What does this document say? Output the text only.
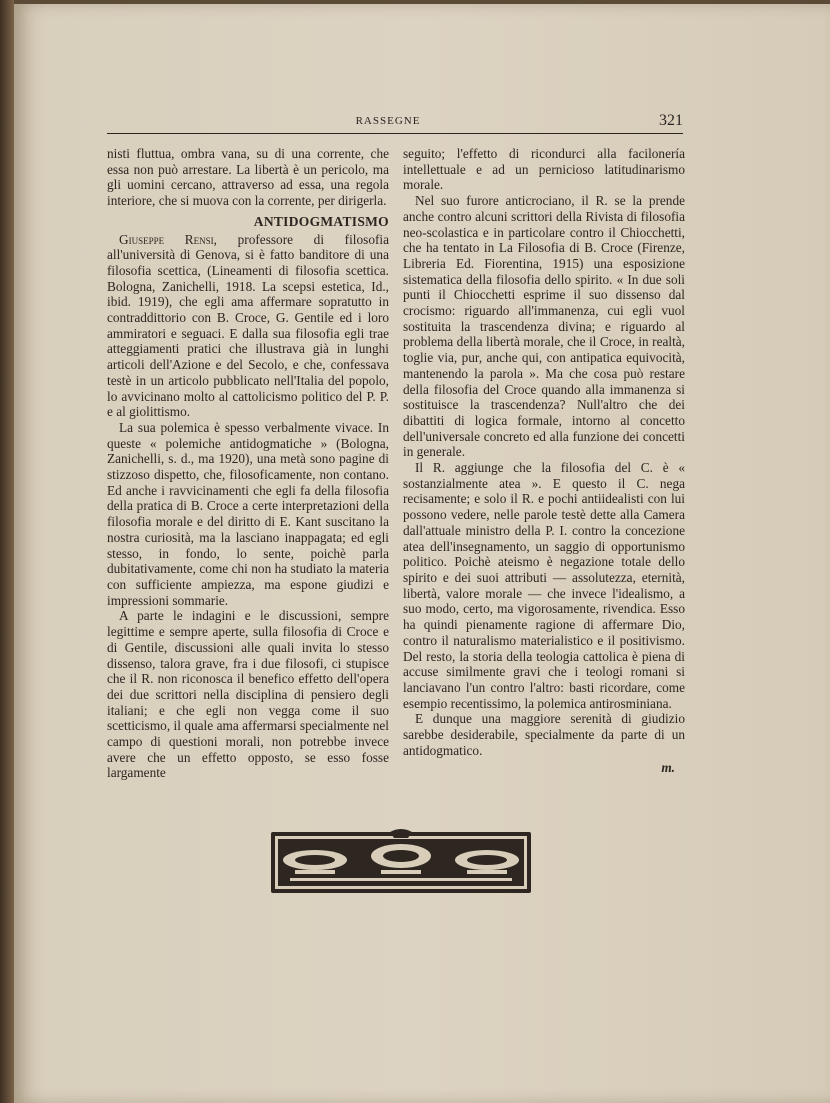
RASSEGNE	321

nisti fluttua, ombra vana, su di una corrente, che essa non può arrestare. La libertà è un pericolo, ma gli uomini cercano, attraverso ad essa, una regola interiore, che si muova con la corrente, per dirigerla.

ANTIDOGMATISMO

Giuseppe Rensi, professore di filosofia all'università di Genova, si è fatto banditore di una filosofia scettica, (Lineamenti di filosofia scettica. Bologna, Zanichelli, 1918. La scepsi estetica, Id., ibid. 1919), che egli ama affermare sopratutto in contraddittorio con B. Croce, G. Gentile ed i loro ammiratori e seguaci. E dalla sua filosofia egli trae atteggiamenti pratici che illustrava già in lunghi articoli dell'Azione e del Secolo, e che, confessava testè in un articolo pubblicato nell'Italia del popolo, lo avvicinano molto al cattolicismo politico del P. P. e al giolittismo.

La sua polemica è spesso verbalmente vivace. In queste « polemiche antidogmatiche » (Bologna, Zanichelli, s. d., ma 1920), una metà sono pagine di stizzoso dispetto, che, filosoficamente, non contano. Ed anche i ravvicinamenti che egli fa della filosofia della pratica di B. Croce a certe interpretazioni della filosofia morale e del diritto di E. Kant suscitano la nostra curiosità, ma la lasciano inappagata; ed egli stesso, in fondo, lo sente, poichè parla dubitativamente, come chi non ha studiato la materia con sufficiente ampiezza, ma espone giudizi e impressioni sommarie.

A parte le indagini e le discussioni, sempre legittime e sempre aperte, sulla filosofia di Croce e di Gentile, discussioni alle quali invita lo stesso dissenso, talora grave, fra i due filosofi, ci stupisce che il R. non riconosca il benefico effetto dell'opera dei due scrittori nella disciplina di pensiero degli italiani; e che egli non vegga come il suo scetticismo, il quale ama affermarsi specialmente nel campo di questioni morali, non potrebbe invece avere che un effetto opposto, se esso fosse largamente

seguito; l'effetto di ricondurci alla facilonería intellettuale e ad un pernicioso latitudinarismo morale.

Nel suo furore anticrociano, il R. se la prende anche contro alcuni scrittori della Rivista di filosofia neo-scolastica e in particolare contro il Chiocchetti, che ha tentato in La Filosofia di B. Croce (Firenze, Libreria Ed. Fiorentina, 1915) una esposizione sistematica della filosofia dello spirito. « In due soli punti il Chiocchetti esprime il suo dissenso dal crocismo: riguardo all'immanenza, cui egli vuol sostituita la trascendenza divina; e riguardo al problema della libertà morale, che il Croce, in realtà, toglie via, pur, anche qui, con antipatica equivocità, mantenendo la parola ». Ma che cosa può restare della filosofia del Croce quando alla immanenza si sostituisce la trascendenza? Null'altro che dei dibattiti di logica formale, intorno al concetto dell'universale concreto ed alla funzione dei concetti in generale.

Il R. aggiunge che la filosofia del C. è « sostanzialmente atea ». E questo il C. nega recisamente; e solo il R. e pochi antiidealisti con lui possono vedere, nelle parole testè dette alla Camera dall'attuale ministro della P. I. contro la concezione atea dell'insegnamento, un saggio di opportunismo politico. Poichè ateismo è negazione totale dello spirito e dei suoi attributi — assolutezza, eternità, libertà, valore morale — che invece l'idealismo, a suo modo, certo, ma vigorosamente, rivendica. Esso ha quindi pienamente ragione di affermare Dio, contro il naturalismo materialistico e il positivismo. Del resto, la storia della teologia cattolica è piena di accuse similmente gravi che i teologi romani si lanciavano l'un contro l'altro: basti ricordare, come esempio recentissimo, la polemica antirosminiana.

E dunque una maggiore serenità di giudizio sarebbe desiderabile, specialmente da parte di un antidogmatico.

m.
